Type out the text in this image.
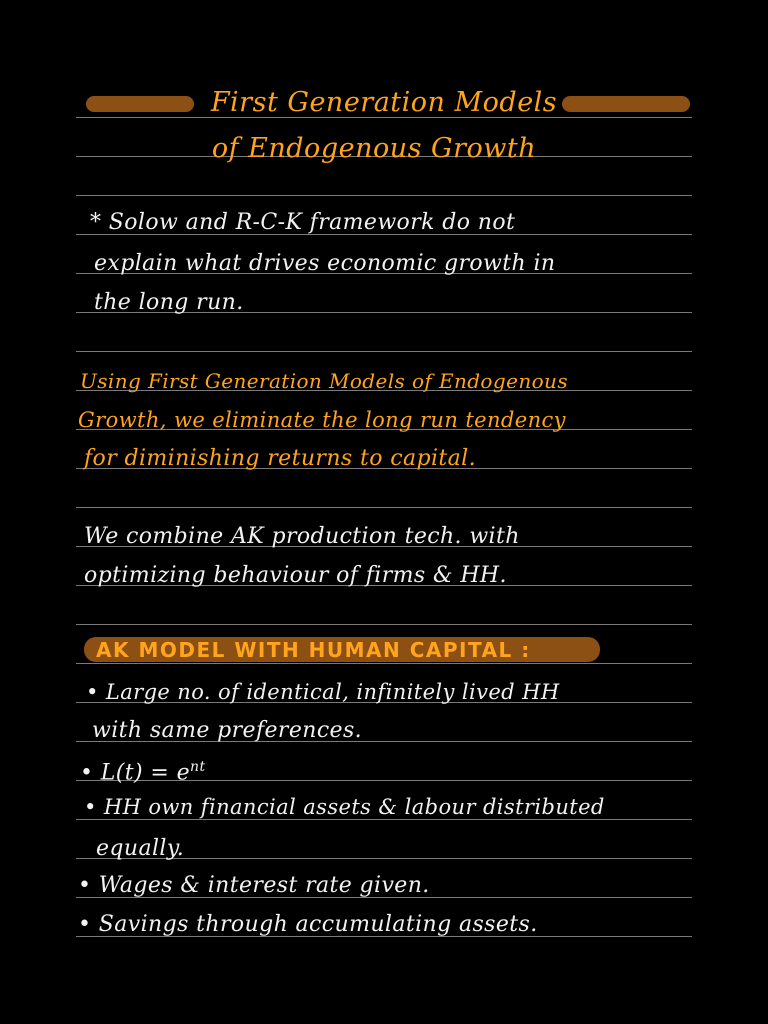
First Generation Models
of Endogenous Growth
* Solow and R-C-K framework do not
explain what drives economic growth in
the long run.
Using First Generation Models of Endogenous
Growth, we eliminate the long run tendency
for diminishing returns to capital.
We combine AK production tech. with
optimizing behaviour of firms & HH.
AK MODEL WITH HUMAN CAPITAL :
• Large no. of identical, infinitely lived HH
with same preferences.
• $L(t) = e^{nt}$
• HH own financial assets & labour distributed
equally.
• Wages & interest rate given.
• Savings through accumulating assets.
